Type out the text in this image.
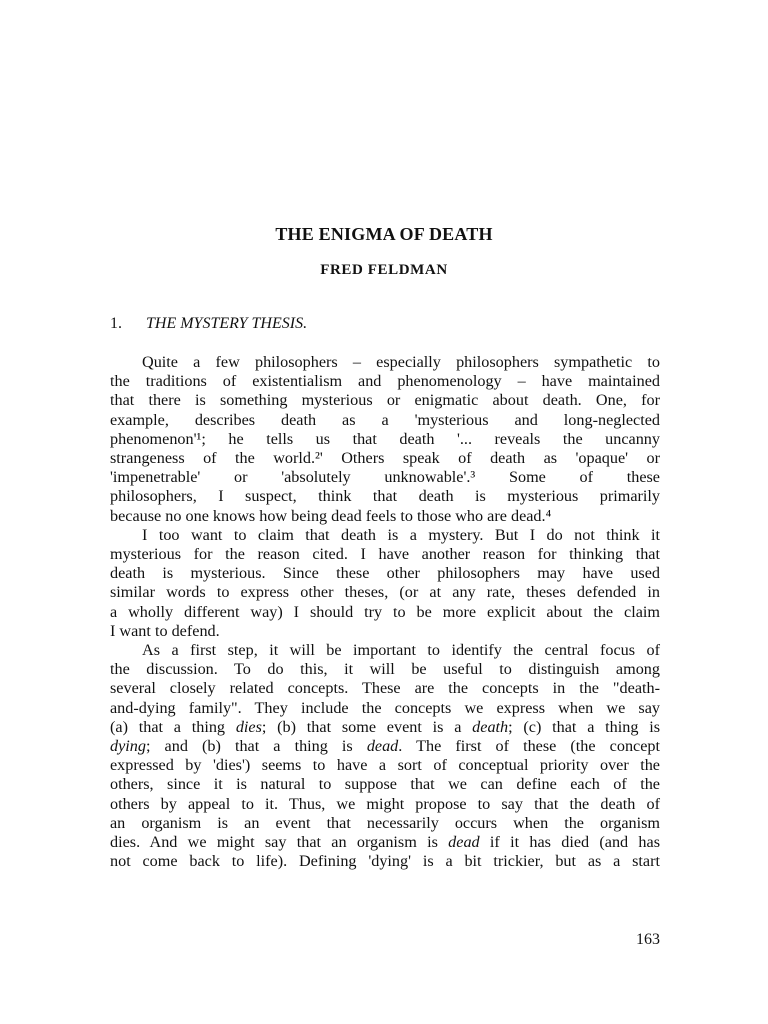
THE ENIGMA OF DEATH
FRED FELDMAN
1. THE MYSTERY THESIS.
Quite a few philosophers – especially philosophers sympathetic to
the traditions of existentialism and phenomenology – have maintained
that there is something mysterious or enigmatic about death. One, for
example, describes death as a 'mysterious and long-neglected
phenomenon'¹; he tells us that death '... reveals the uncanny
strangeness of the world.²' Others speak of death as 'opaque' or
'impenetrable' or 'absolutely unknowable'.³ Some of these
philosophers, I suspect, think that death is mysterious primarily
because no one knows how being dead feels to those who are dead.⁴
I too want to claim that death is a mystery. But I do not think it
mysterious for the reason cited. I have another reason for thinking that
death is mysterious. Since these other philosophers may have used
similar words to express other theses, (or at any rate, theses defended in
a wholly different way) I should try to be more explicit about the claim
I want to defend.
As a first step, it will be important to identify the central focus of
the discussion. To do this, it will be useful to distinguish among
several closely related concepts. These are the concepts in the "death-
and-dying family". They include the concepts we express when we say
(a) that a thing dies; (b) that some event is a death; (c) that a thing is
dying; and (b) that a thing is dead. The first of these (the concept
expressed by 'dies') seems to have a sort of conceptual priority over the
others, since it is natural to suppose that we can define each of the
others by appeal to it. Thus, we might propose to say that the death of
an organism is an event that necessarily occurs when the organism
dies. And we might say that an organism is dead if it has died (and has
not come back to life). Defining 'dying' is a bit trickier, but as a start
163
